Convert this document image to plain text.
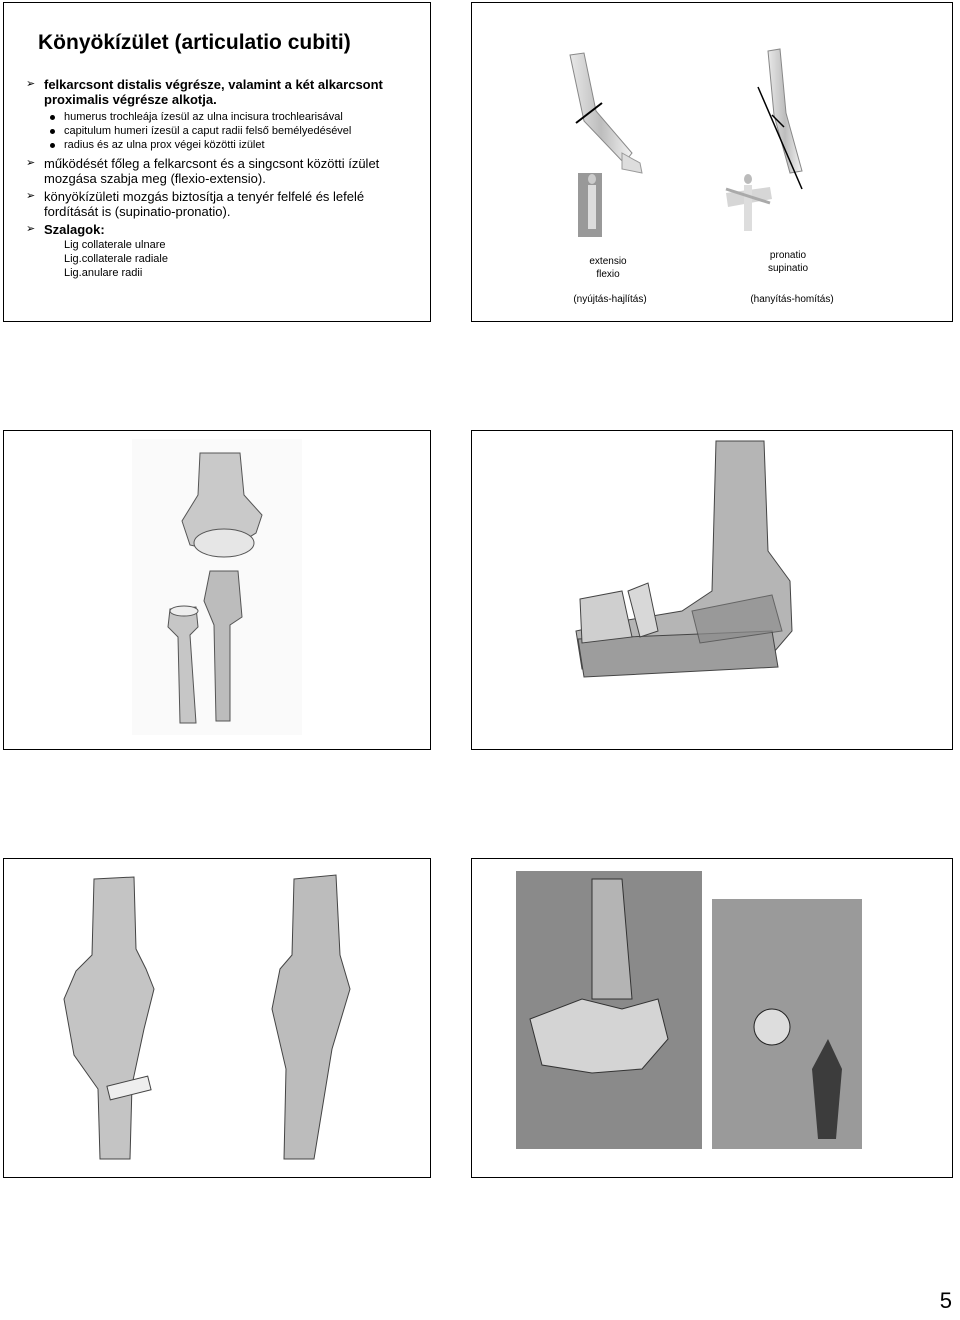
Könyökízület (articulatio cubiti)
➢ felkarcsont distalis végrésze, valamint a két alkarcsont proximalis végrésze alkotja.
humerus trochleája ízesül az ulna incisura trochlearisával
capitulum humeri ízesül a caput radii felső bemélyedésével
radius és az ulna prox végei közötti izület
➢ működését főleg a felkarcsont és a singcsont közötti ízület mozgása szabja meg (flexio-extensio).
➢ könyökízületi mozgás biztosítja a tenyér felfelé és lefelé fordítását is (supinatio-pronatio).
➢ Szalagok:
Lig collaterale ulnare
Lig.collaterale radiale
Lig.anulare radii
extensio
flexio
pronatio
supinatio
(nyújtás-hajlítás)	(hanyítás-homítás)
5
